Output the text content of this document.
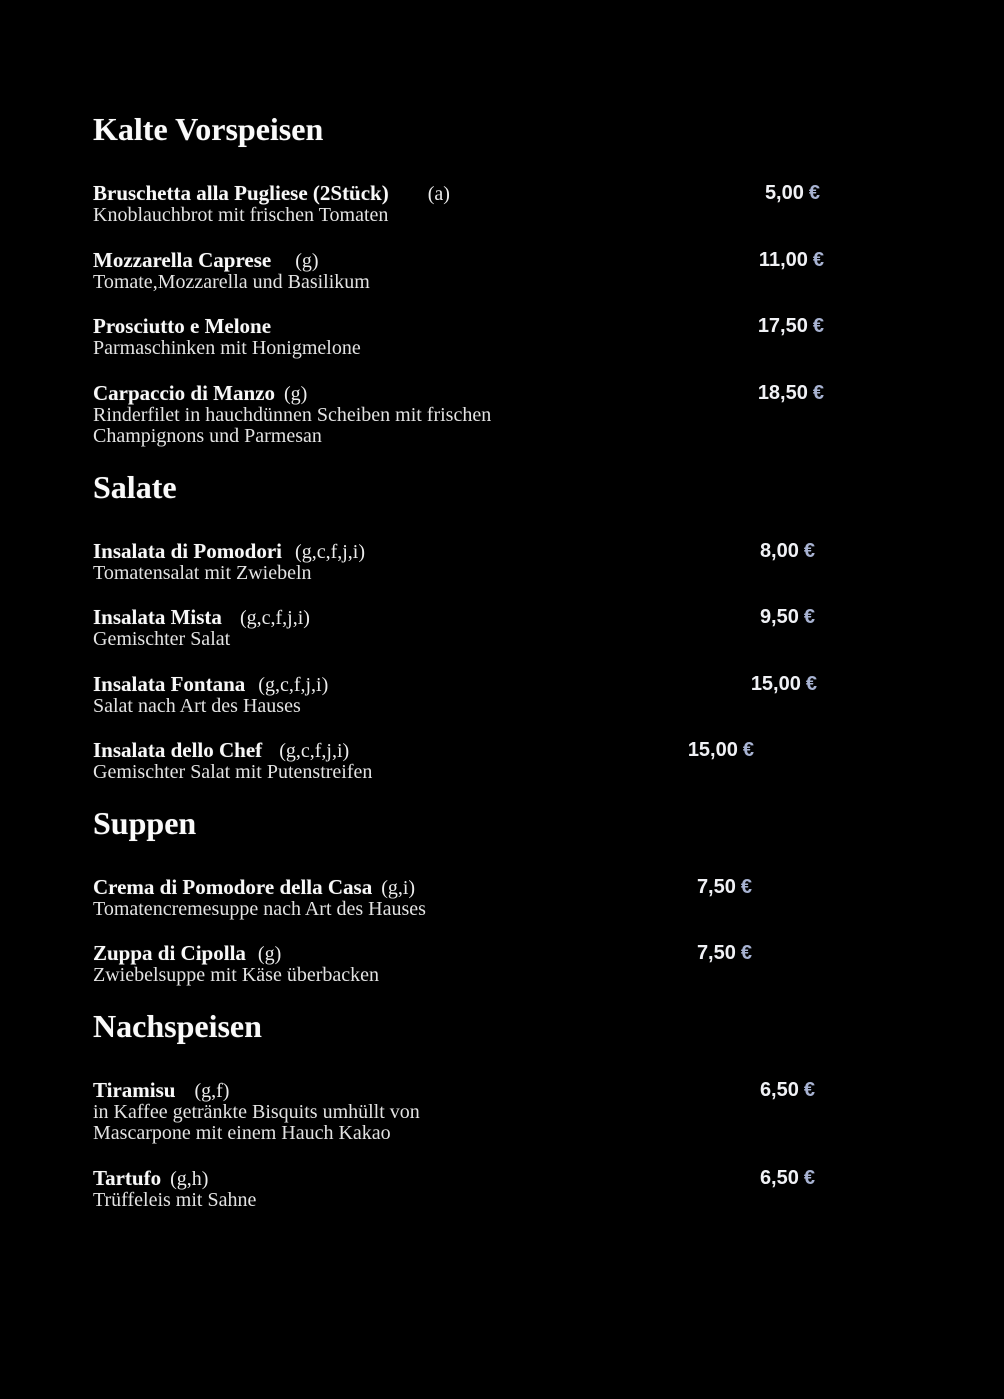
Kalte Vorspeisen
Bruschetta alla Pugliese (2Stück) (a)	5,00 €
Knoblauchbrot mit frischen Tomaten
Mozzarella Caprese (g)	11,00 €
Tomate,Mozzarella und Basilikum
Prosciutto e Melone	17,50 €
Parmaschinken mit Honigmelone
Carpaccio di Manzo (g)	18,50 €
Rinderfilet in hauchdünnen Scheiben mit frischen
Champignons und Parmesan
Salate
Insalata di Pomodori (g,c,f,j,i)	8,00 €
Tomatensalat mit Zwiebeln
Insalata Mista (g,c,f,j,i)	9,50 €
Gemischter Salat
Insalata Fontana (g,c,f,j,i)	15,00 €
Salat nach Art des Hauses
Insalata dello Chef (g,c,f,j,i)	15,00 €
Gemischter Salat mit Putenstreifen
Suppen
Crema di Pomodore della Casa (g,i)	7,50 €
Tomatencremesuppe nach Art des Hauses
Zuppa di Cipolla (g)	7,50 €
Zwiebelsuppe mit Käse überbacken
Nachspeisen
Tiramisu (g,f)	6,50 €
in Kaffee getränkte Bisquits umhüllt von
Mascarpone mit einem Hauch Kakao
Tartufo (g,h)	6,50 €
Trüffeleis mit Sahne
